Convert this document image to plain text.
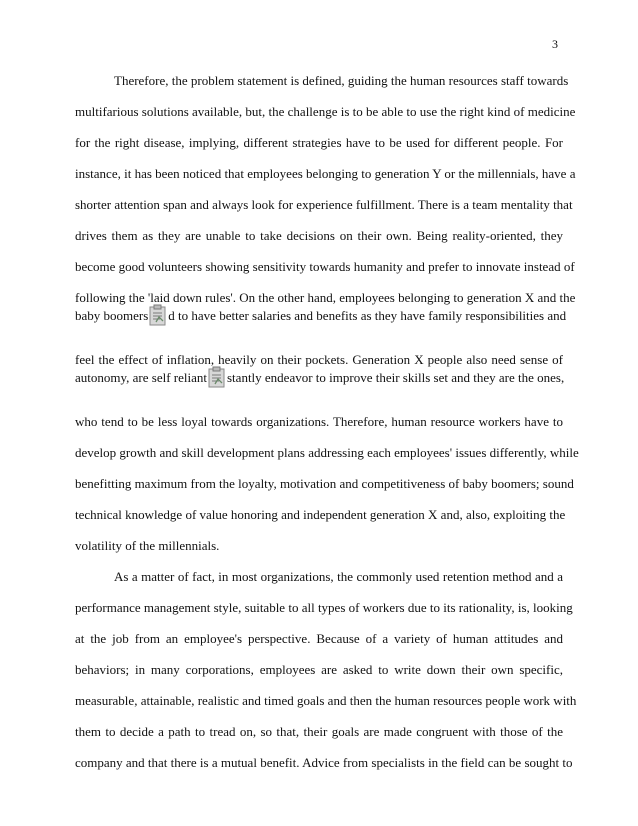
3
Therefore, the problem statement is defined, guiding the human resources staff towards
multifarious solutions available, but, the challenge is to be able to use the right kind of medicine
for the right disease, implying, different strategies have to be used for different people. For
instance, it has been noticed that employees belonging to generation Y or the millennials, have a
shorter attention span and always look for experience fulfillment. There is a team mentality that
drives them as they are unable to take decisions on their own. Being reality-oriented, they
become good volunteers showing sensitivity towards humanity and prefer to innovate instead of
following the 'laid down rules'. On the other hand, employees belonging to generation X and the
baby boomers d to have better salaries and benefits as they have family responsibilities and
feel the effect of inflation, heavily on their pockets. Generation X people also need sense of
autonomy, are self reliant stantly endeavor to improve their skills set and they are the ones,
who tend to be less loyal towards organizations. Therefore, human resource workers have to
develop growth and skill development plans addressing each employees' issues differently, while
benefitting maximum from the loyalty, motivation and competitiveness of baby boomers; sound
technical knowledge of value honoring and independent generation X and, also, exploiting the
volatility of the millennials.
As a matter of fact, in most organizations, the commonly used retention method and a
performance management style, suitable to all types of workers due to its rationality, is, looking
at the job from an employee's perspective. Because of a variety of human attitudes and
behaviors; in many corporations, employees are asked to write down their own specific,
measurable, attainable, realistic and timed goals and then the human resources people work with
them to decide a path to tread on, so that, their goals are made congruent with those of the
company and that there is a mutual benefit. Advice from specialists in the field can be sought to
